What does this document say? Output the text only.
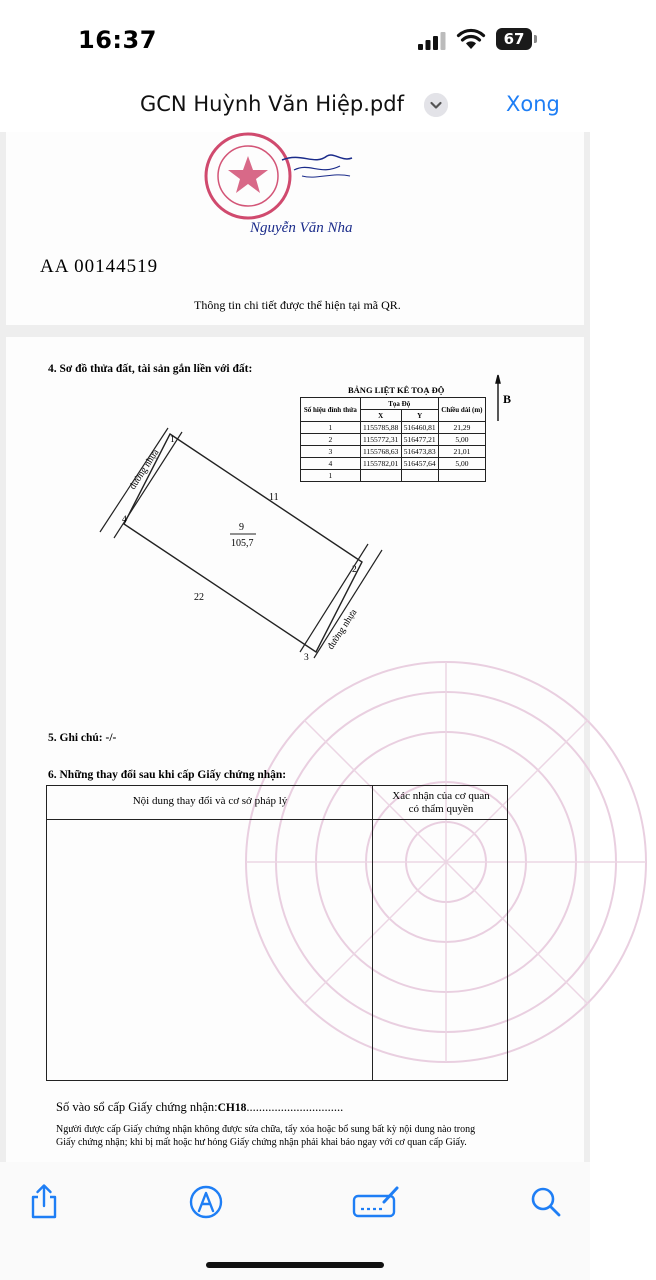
16:37	67
GCN Huỳnh Văn Hiệp.pdf	Xong
Nguyễn Văn Nha
AA 00144519
Thông tin chi tiết được thể hiện tại mã QR.
4. Sơ đồ thửa đất, tài sản gắn liền với đất:
BẢNG LIỆT KÊ TOẠ ĐỘ
Số hiệu đỉnh thửa	Tọa Độ		Chiều dài (m)
	X	Y	
1	1155785,88	516460,81	21,29
2	1155772,31	516477,21	5,00
3	1155768,63	516473,83	21,01
4	1155782,01	516457,64	5,00
1			
B
đường nhựa
đường nhựa
9
105,7
11
22
1
2
3
4
5. Ghi chú: -/-
6. Những thay đổi sau khi cấp Giấy chứng nhận:
Nội dung thay đổi và cơ sở pháp lý	Xác nhận của cơ quan
có thẩm quyền
Số vào sổ cấp Giấy chứng nhận:CH18...............................
Người được cấp Giấy chứng nhận không được sửa chữa, tẩy xóa hoặc bổ sung bất kỳ nội dung nào trong
Giấy chứng nhận; khi bị mất hoặc hư hỏng Giấy chứng nhận phải khai báo ngay với cơ quan cấp Giấy.
